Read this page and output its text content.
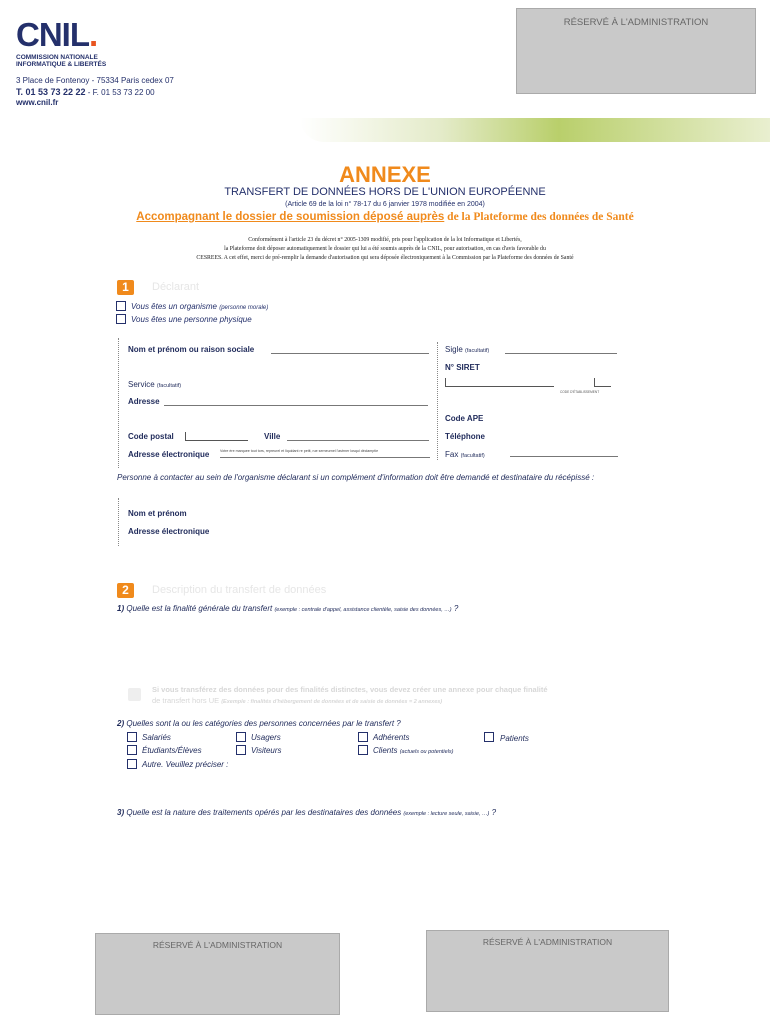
CNIL.
COMMISSION NATIONALE
INFORMATIQUE & LIBERTÉS
3 Place de Fontenoy - 75334 Paris cedex 07
T. 01 53 73 22 22 - F. 01 53 73 22 00
www.cnil.fr
RÉSERVÉ À L'ADMINISTRATION
ANNEXE
TRANSFERT DE DONNÉES HORS DE L'UNION EUROPÉENNE
(Article 69 de la loi n° 78-17 du 6 janvier 1978 modifiée en 2004)
Accompagnant le dossier de soumission déposé auprès de la Plateforme des données de Santé
Conformément à l'article 23 du décret n° 2005-1309 modifié, pris pour l'application de la loi Informatique et Libertés,
la Plateforme doit déposer automatiquement le dossier qui lui a été soumis auprès de la CNIL, pour autorisation, en cas d'avis favorable du
CESREES. A cet effet, merci de pré-remplir la demande d'autorisation qui sera déposée électroniquement à la Commission par la Plateforme des données de Santé
1	Déclarant
Vous êtes un organisme (personne morale)
Vous êtes une personne physique
Nom et prénom ou raison sociale
Service (facultatif)
Adresse
Code postal	Ville
Adresse électronique	Votre ère marquee tout tors, repreurel et liquidant re petit, rue serneurnel l'astrner losqul déclamptie
Sigle (facultatif)
N° SIRET
CODE D'ÉTABLISSEMENT
Code APE
Téléphone
Fax (facultatif)
Personne à contacter au sein de l'organisme déclarant si un complément d'information doit être demandé et destinataire du récépissé :
Nom et prénom
Adresse électronique
2	Description du transfert de données
1) Quelle est la finalité générale du transfert (exemple : centrale d'appel, assistance clientèle, saisie des données, …) ?
Si vous transférez des données pour des finalités distinctes, vous devez créer une annexe pour chaque finalité
de transfert hors UE (Exemple : finalités d'hébergement de données et de saisie de données = 2 annexes)
2) Quelles sont la ou les catégories des personnes concernées par le transfert ?
Salariés	Usagers	Adhérents	Patients
Étudiants/Élèves	Visiteurs	Clients (actuels ou potentiels)
Autre. Veuillez préciser :
3) Quelle est la nature des traitements opérés par les destinataires des données (exemple : lecture seule, saisie, …) ?
RÉSERVÉ À L'ADMINISTRATION	RÉSERVÉ À L'ADMINISTRATION
